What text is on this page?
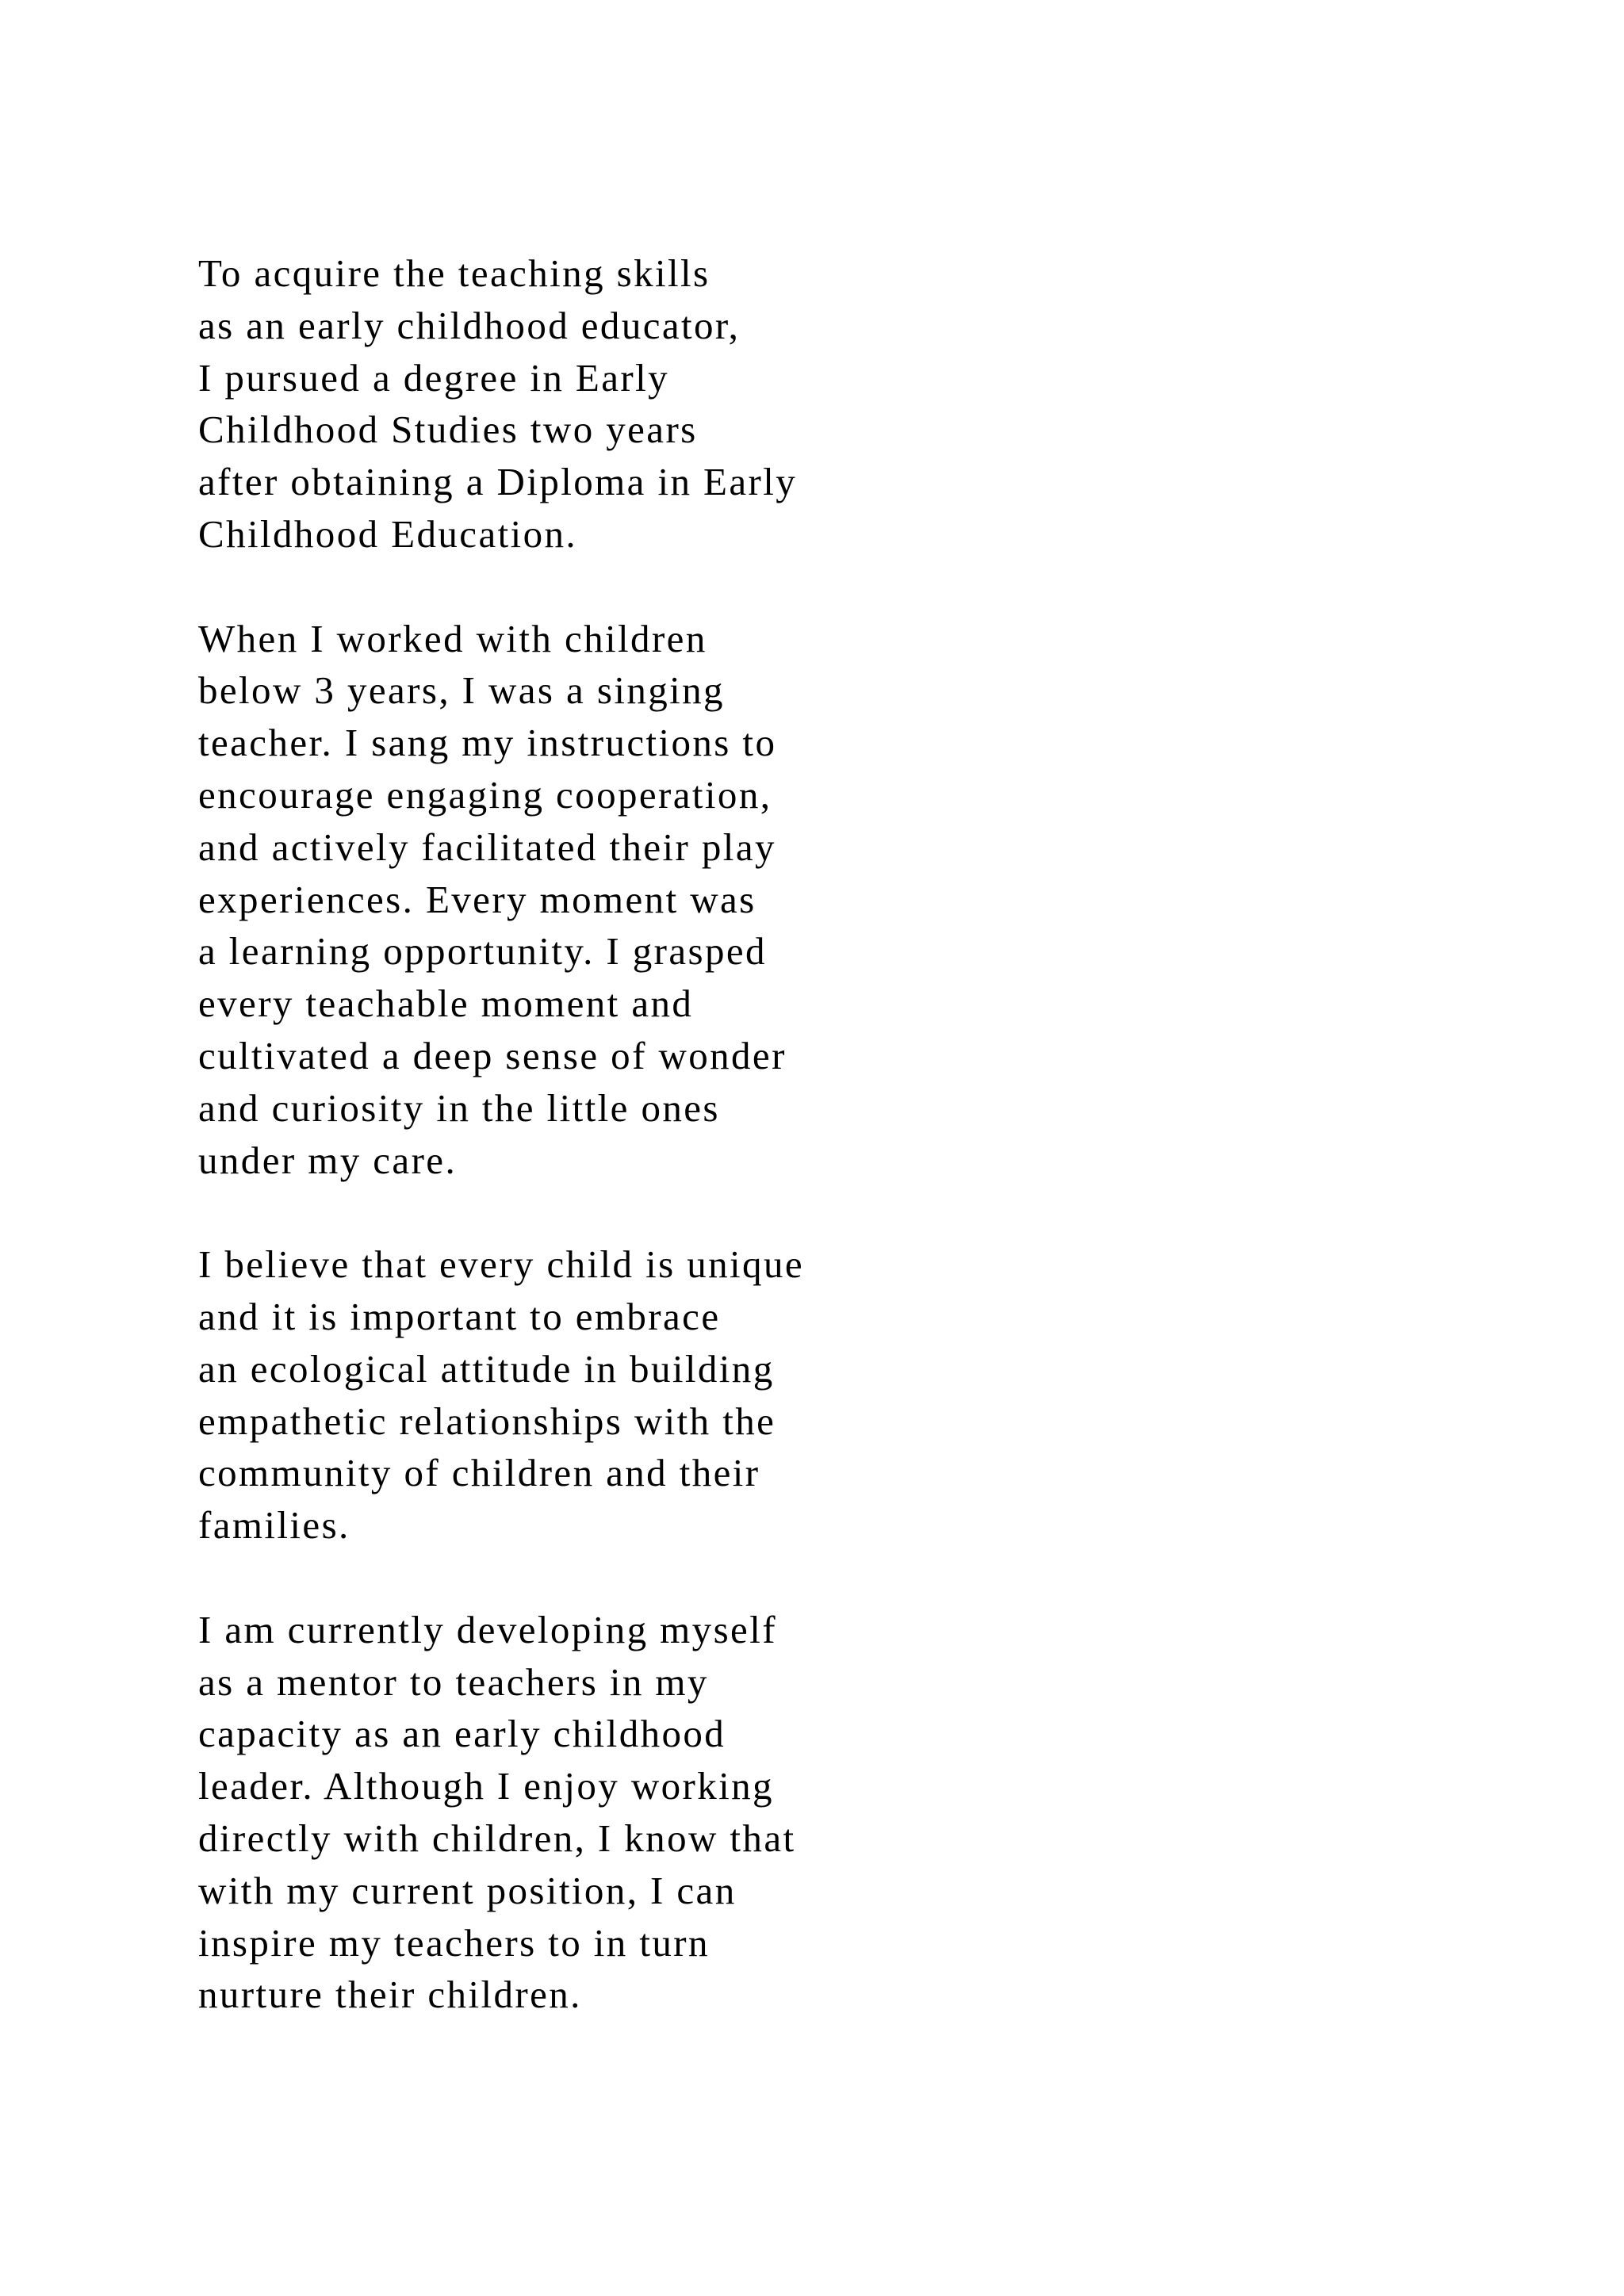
To acquire the teaching skills
as an early childhood educator,
I pursued a degree in Early
Childhood Studies two years
after obtaining a Diploma in Early
Childhood Education.
When I worked with children
below 3 years, I was a singing
teacher. I sang my instructions to
encourage engaging cooperation,
and actively facilitated their play
experiences. Every moment was
a learning opportunity. I grasped
every teachable moment and
cultivated a deep sense of wonder
and curiosity in the little ones
under my care.
I believe that every child is unique
and it is important to embrace
an ecological attitude in building
empathetic relationships with the
community of children and their
families.
I am currently developing myself
as a mentor to teachers in my
capacity as an early childhood
leader. Although I enjoy working
directly with children, I know that
with my current position, I can
inspire my teachers to in turn
nurture their children.
